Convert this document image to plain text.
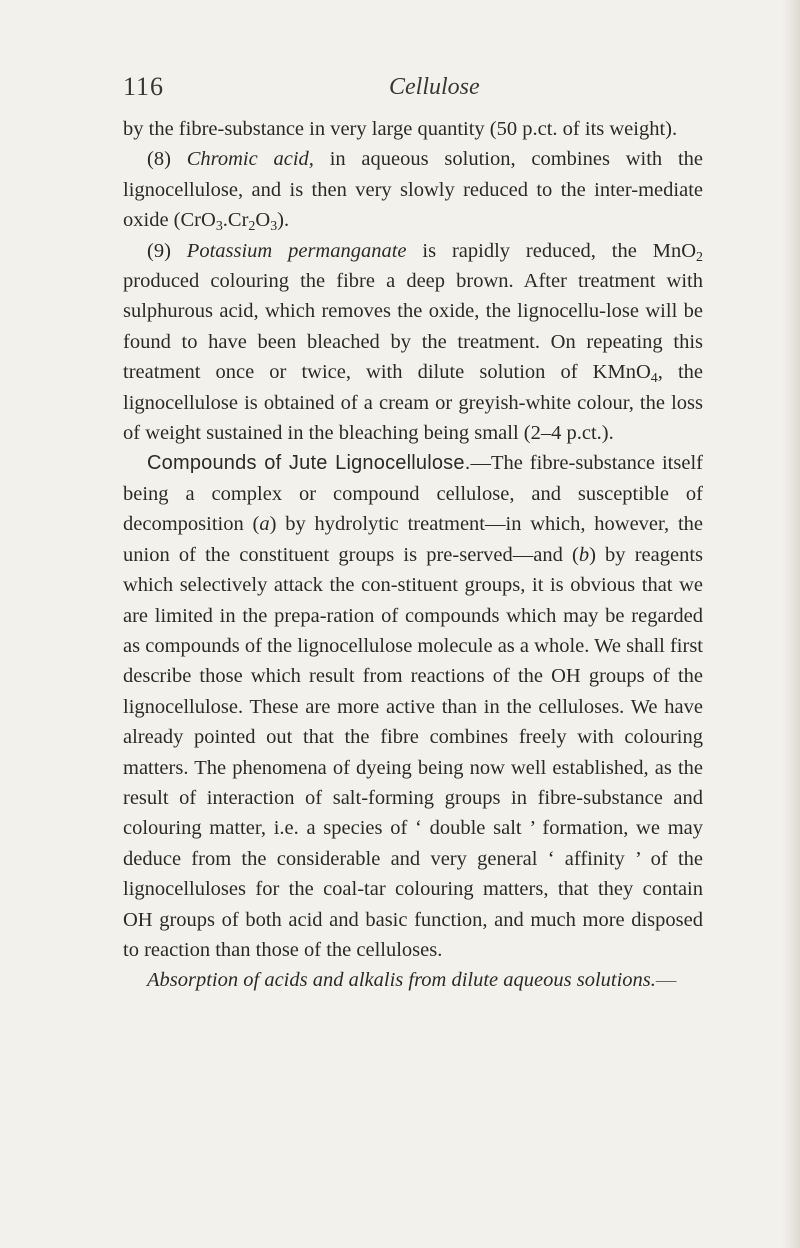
116	Cellulose

by the fibre-substance in very large quantity (50 p.ct. of its weight).

(8) Chromic acid, in aqueous solution, combines with the lignocellulose, and is then very slowly reduced to the inter-mediate oxide $(CrO_3.Cr_2O_3)$.

(9) Potassium permanganate is rapidly reduced, the MnO$_2$ produced colouring the fibre a deep brown. After treatment with sulphurous acid, which removes the oxide, the lignocellu-lose will be found to have been bleached by the treatment. On repeating this treatment once or twice, with dilute solution of KMnO$_4$, the lignocellulose is obtained of a cream or greyish-white colour, the loss of weight sustained in the bleaching being small (2–4 p.ct.).

Compounds of Jute Lignocellulose.—The fibre-substance itself being a complex or compound cellulose, and susceptible of decomposition (a) by hydrolytic treatment—in which, however, the union of the constituent groups is pre-served—and (b) by reagents which selectively attack the con-stituent groups, it is obvious that we are limited in the prepa-ration of compounds which may be regarded as compounds of the lignocellulose molecule as a whole. We shall first describe those which result from reactions of the OH groups of the lignocellulose. These are more active than in the celluloses. We have already pointed out that the fibre combines freely with colouring matters. The phenomena of dyeing being now well established, as the result of interaction of salt-forming groups in fibre-substance and colouring matter, i.e. a species of ‘ double salt ’ formation, we may deduce from the considerable and very general ‘ affinity ’ of the lignocelluloses for the coal-tar colouring matters, that they contain OH groups of both acid and basic function, and much more disposed to reaction than those of the celluloses.

Absorption of acids and alkalis from dilute aqueous solutions.—
